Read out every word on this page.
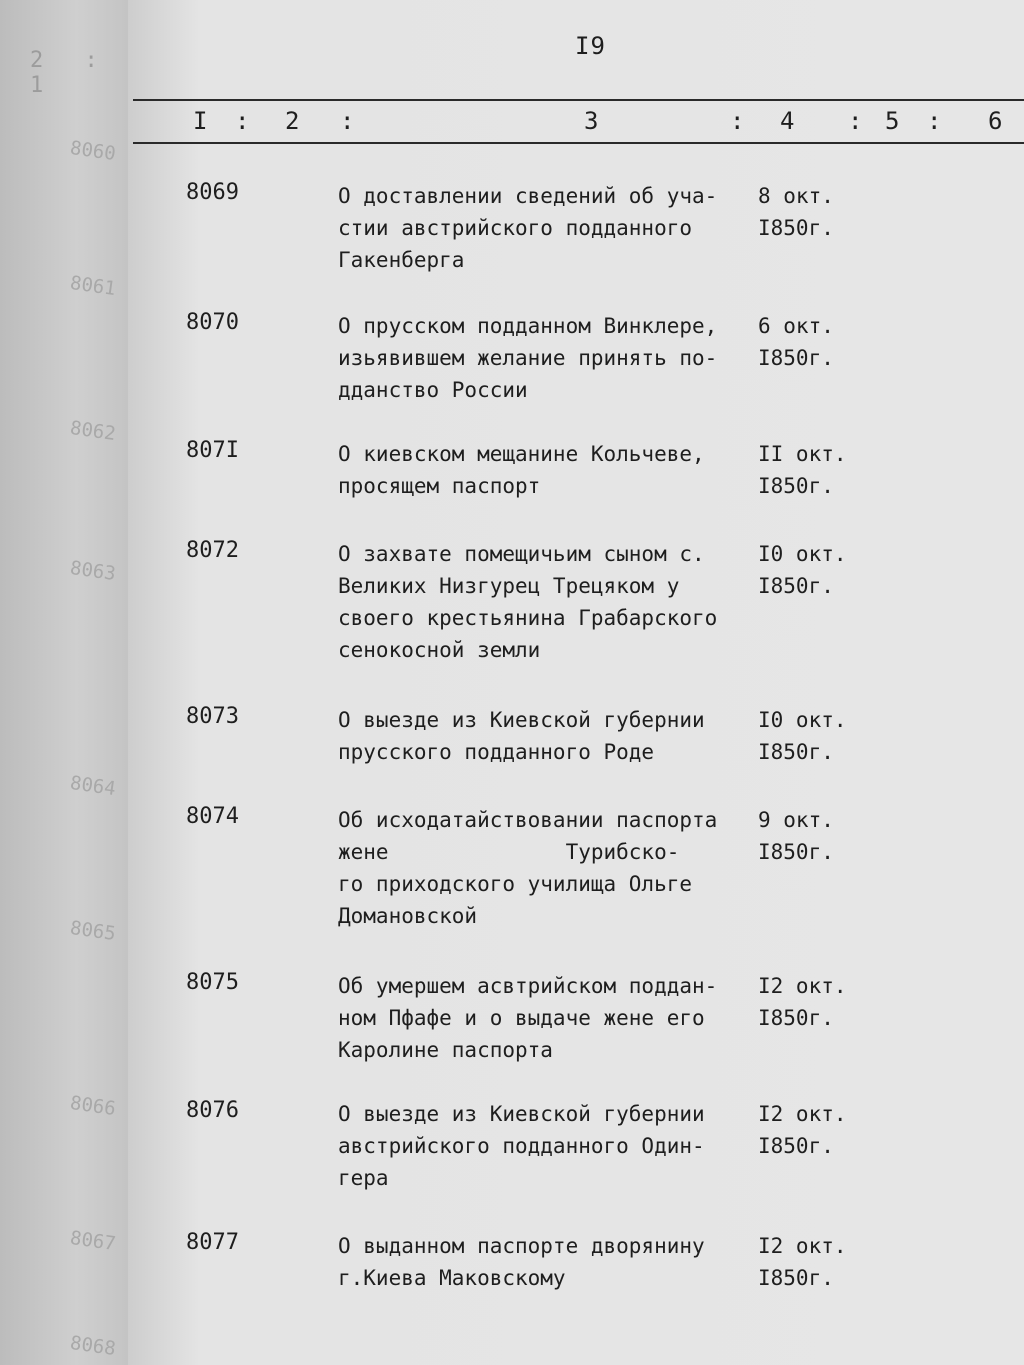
2 : 1
8060
8061
8062
8063
8064
8065
8066
8067
8068
I9
I : 2 :	3	: 4 : 5 : 6
8069	О доставлении сведений об уча-
стии австрийского подданного
Гакенберга
8 окт.
I850г.
8070	О прусском подданном Винклере,
изьявившем желание принять по-
дданство России
6 окт.
I850г.
807I	О киевском мещанине Кольчеве,
просящем паспорт
II окт.
I850г.
8072	О захвате помещичьим сыном с.
Великих Низгурец Трецяком у
своего крестьянина Грабарского
сенокосной земли
I0 окт.
I850г.
8073	О выезде из Киевской губернии
прусского подданного Роде
I0 окт.
I850г.
8074	Об исходатайствовании паспорта
жене              Турибско-
го приходского училища Ольге
Домановской
9 окт.
I850г.
8075	Об умершем асвтрийском поддан-
ном Пфафе и о выдаче жене его
Каролине паспорта
I2 окт.
I850г.
8076	О выезде из Киевской губернии
австрийского подданного Один-
гера
I2 окт.
I850г.
8077	О выданном паспорте дворянину
г.Киева Маковскому
I2 окт.
I850г.
